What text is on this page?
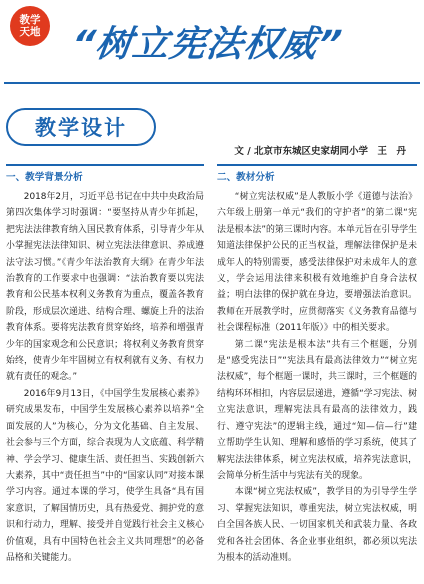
教学
天地 “树立宪法权威”
教学设计
文 / 北京市东城区史家胡同小学　王　丹
一、教学背景分析

2018年2月，习近平总书记在中共中央政治局第四次集体学习时强调：“要坚持从青少年抓起，把宪法法律教育纳入国民教育体系，引导青少年从小掌握宪法法律知识、树立宪法法律意识、养成遵法守法习惯。”《青少年法治教育大纲》在青少年法治教育的工作要求中也强调：“法治教育要以宪法教育和公民基本权利义务教育为重点，覆盖各教育阶段，形成层次递进、结构合理、螺旋上升的法治教育体系。要将宪法教育贯穿始终，培养和增强青少年的国家观念和公民意识；将权利义务教育贯穿始终，使青少年牢固树立有权利就有义务、有权力就有责任的观念。”

2016年9月13日，《中国学生发展核心素养》研究成果发布，中国学生发展核心素养以培养“全面发展的人”为核心，分为文化基础、自主发展、社会参与三个方面，综合表现为人文底蕴、科学精神、学会学习、健康生活、责任担当、实践创新六大素养，其中“责任担当”中的“国家认同”对接本课学习内容。通过本课的学习，使学生具备“具有国家意识，了解国情历史，具有热爱党、拥护党的意识和行动力，理解、接受并自觉践行社会主义核心价值观，具有中国特色社会主义共同理想”的必备品格和关键能力。

二、教材分析

“树立宪法权威”是人教版小学《道德与法治》六年级上册第一单元“我们的守护者”的第二课“宪法是根本法”的第三课时内容。本单元旨在引导学生知道法律保护公民的正当权益，理解法律保护是未成年人的特别需要，感受法律保护对未成年人的意义，学会运用法律来积极有效地维护自身合法权益；明白法律的保护就在身边，要增强法治意识。教师在开展教学时，应贯彻落实《义务教育品德与社会课程标准（2011年版）》中的相关要求。

第二课“宪法是根本法”共有三个框题，分别是“感受宪法日”“宪法具有最高法律效力”“树立宪法权威”，每个框题一课时，共三课时，三个框题的结构环环相扣，内容层层递进，遵循“学习宪法、树立宪法意识，理解宪法具有最高的法律效力，践行、遵守宪法”的逻辑主线，通过“知—信—行”建立帮助学生认知、理解和感悟的学习系统，使其了解宪法法律体系，树立宪法权威，培养宪法意识，会简单分析生活中与宪法有关的现象。

本课“树立宪法权威”，教学目的为引导学生学习、掌握宪法知识，尊重宪法，树立宪法权威，明白全国各族人民、一切国家机关和武装力量、各政党和各社会团体、各企业事业组织，都必须以宪法为根本的活动准则。
